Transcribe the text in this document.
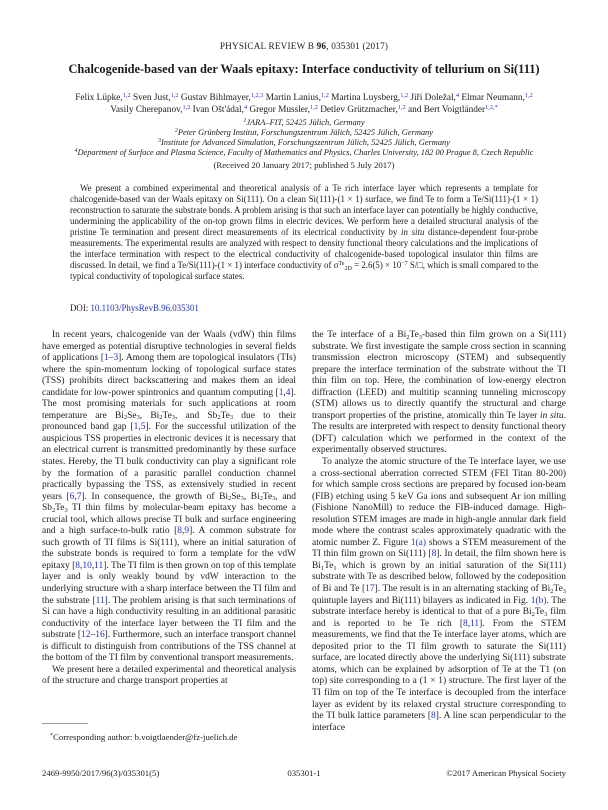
PHYSICAL REVIEW B 96, 035301 (2017)
Chalcogenide-based van der Waals epitaxy: Interface conductivity of tellurium on Si(111)
Felix Lüpke,$^{1,2}$ Sven Just,$^{1,2}$ Gustav Bihlmayer,$^{1,2,3}$ Martin Lanius,$^{1,2}$ Martina Luysberg,$^{1,2}$ Jiří Doležal,$^4$ Elmar Neumann,$^{1,2}$
Vasily Cherepanov,$^{1,2}$ Ivan Ošt'ádal,$^4$ Gregor Mussler,$^{1,2}$ Detlev Grützmacher,$^{1,2}$ and Bert Voigtländer$^{1,2,*}$
$^1$JARA–FIT, 52425 Jülich, Germany
$^2$Peter Grünberg Institut, Forschungszentrum Jülich, 52425 Jülich, Germany
$^3$Institute for Advanced Simulation, Forschungszentrum Jülich, 52425 Jülich, Germany
$^4$Department of Surface and Plasma Science, Faculty of Mathematics and Physics, Charles University, 182 00 Prague 8, Czech Republic
(Received 20 January 2017; published 5 July 2017)

We present a combined experimental and theoretical analysis of a Te rich interface layer which represents a template for chalcogenide-based van der Waals epitaxy on Si(111). On a clean Si(111)-(1 × 1) surface, we find Te to form a Te/Si(111)-(1 × 1) reconstruction to saturate the substrate bonds. A problem arising is that such an interface layer can potentially be highly conductive, undermining the applicability of the on-top grown films in electric devices. We perform here a detailed structural analysis of the pristine Te termination and present direct measurements of its electrical conductivity by in situ distance-dependent four-probe measurements. The experimental results are analyzed with respect to density functional theory calculations and the implications of the interface termination with respect to the electrical conductivity of chalcogenide-based topological insulator thin films are discussed. In detail, we find a Te/Si(111)-(1 × 1) interface conductivity of $\sigma^{Te}_{2D} = 2.6(5) \times 10^{-7}$ S/□, which is small compared to the typical conductivity of topological surface states.

DOI: 10.1103/PhysRevB.96.035301

In recent years, chalcogenide van der Waals (vdW) thin films have emerged as potential disruptive technologies in several fields of applications [1–3]. Among them are topological insulators (TIs) where the spin-momentum locking of topological surface states (TSS) prohibits direct backscattering and makes them an ideal candidate for low-power spintronics and quantum computing [1,4]. The most promising materials for such applications at room temperature are $Bi_2Se_3$, $Bi_2Te_3$, and $Sb_2Te_3$ due to their pronounced band gap [1,5]. For the successful utilization of the auspicious TSS properties in electronic devices it is necessary that an electrical current is transmitted predominantly by these surface states. Hereby, the TI bulk conductivity can play a significant role by the formation of a parasitic parallel conduction channel practically bypassing the TSS, as extensively studied in recent years [6,7]. In consequence, the growth of $Bi_2Se_3$, $Bi_2Te_3$, and $Sb_2Te_3$ TI thin films by molecular-beam epitaxy has become a crucial tool, which allows precise TI bulk and surface engineering and a high surface-to-bulk ratio [8,9]. A common substrate for such growth of TI films is Si(111), where an initial saturation of the substrate bonds is required to form a template for the vdW epitaxy [8,10,11]. The TI film is then grown on top of this template layer and is only weakly bound by vdW interaction to the underlying structure with a sharp interface between the TI film and the substrate [11]. The problem arising is that such terminations of Si can have a high conductivity resulting in an additional parasitic conductivity of the interface layer between the TI film and the substrate [12–16]. Furthermore, such an interface transport channel is difficult to distinguish from contributions of the TSS channel at the bottom of the TI film by conventional transport measurements.

We present here a detailed experimental and theoretical analysis of the structure and charge transport properties at

the Te interface of a $Bi_2Te_3$-based thin film grown on a Si(111) substrate. We first investigate the sample cross section in scanning transmission electron microscopy (STEM) and subsequently prepare the interface termination of the substrate without the TI thin film on top. Here, the combination of low-energy electron diffraction (LEED) and multitip scanning tunneling microscopy (STM) allows us to directly quantify the structural and charge transport properties of the pristine, atomically thin Te layer in situ. The results are interpreted with respect to density functional theory (DFT) calculation which we performed in the context of the experimentally observed structures.

To analyze the atomic structure of the Te interface layer, we use a cross-sectional aberration corrected STEM (FEI Titan 80-200) for which sample cross sections are prepared by focused ion-beam (FIB) etching using 5 keV Ga ions and subsequent Ar ion milling (Fishione NanoMill) to reduce the FIB-induced damage. High-resolution STEM images are made in high-angle annular dark field mode where the contrast scales approximately quadratic with the atomic number Z. Figure 1(a) shows a STEM measurement of the TI thin film grown on Si(111) [8]. In detail, the film shown here is $Bi_1Te_1$ which is grown by an initial saturation of the Si(111) substrate with Te as described below, followed by the codeposition of Bi and Te [17]. The result is in an alternating stacking of $Bi_2Te_3$ quintuple layers and Bi(111) bilayers as indicated in Fig. 1(b). The substrate interface hereby is identical to that of a pure $Bi_2Te_3$ film and is reported to be Te rich [8,11]. From the STEM measurements, we find that the Te interface layer atoms, which are deposited prior to the TI film growth to saturate the Si(111) surface, are located directly above the underlying Si(111) substrate atoms, which can be explained by adsorption of Te at the T1 (on top) site corresponding to a (1 × 1) structure. The first layer of the TI film on top of the Te interface is decoupled from the interface layer as evident by its relaxed crystal structure corresponding to the TI bulk lattice parameters [8]. A line scan perpendicular to the interface

*Corresponding author: b.voigtlaender@fz-juelich.de
2469-9950/2017/96(3)/035301(5)	035301-1	©2017 American Physical Society
